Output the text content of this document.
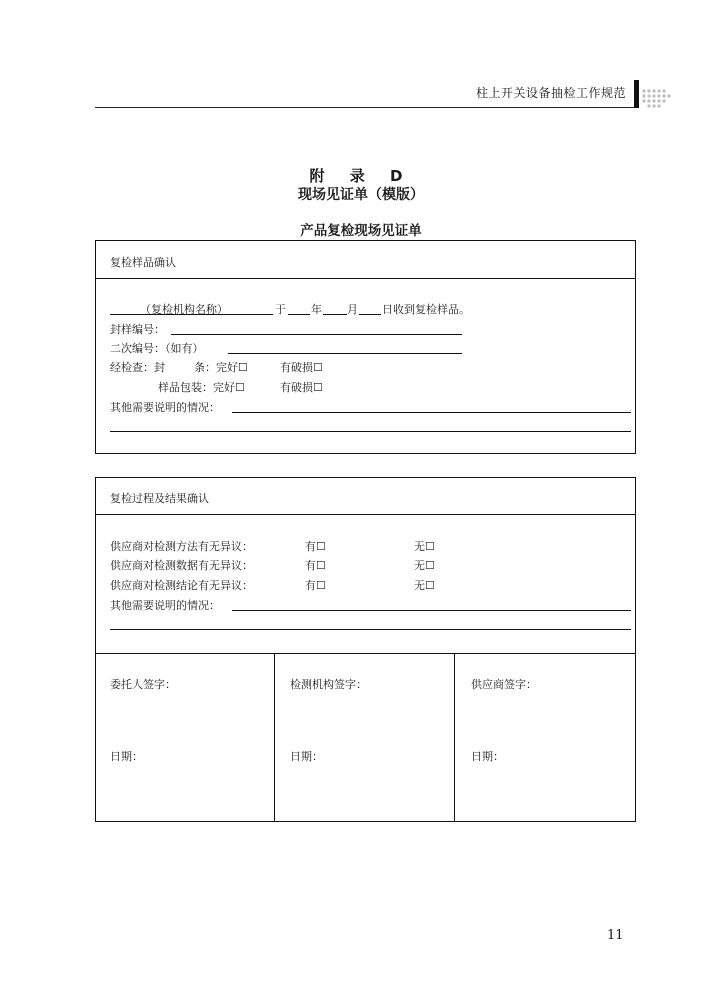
柱上开关设备抽检工作规范
附 录 D
现场见证单（模版）
产品复检现场见证单
复检样品确认
（复检机构名称）	于 年 月 日收到复检样品。
封样编号：
二次编号：（如有）
经检查：封	条：完好☐	有破损☐
样品包装：完好☐	有破损☐
其他需要说明的情况：
复检过程及结果确认
供应商对检测方法有无异议：	有☐	无☐
供应商对检测数据有无异议：	有☐	无☐
供应商对检测结论有无异议：	有☐	无☐
其他需要说明的情况：
委托人签字：
日期：
检测机构签字：
日期：
供应商签字：
日期：
11
